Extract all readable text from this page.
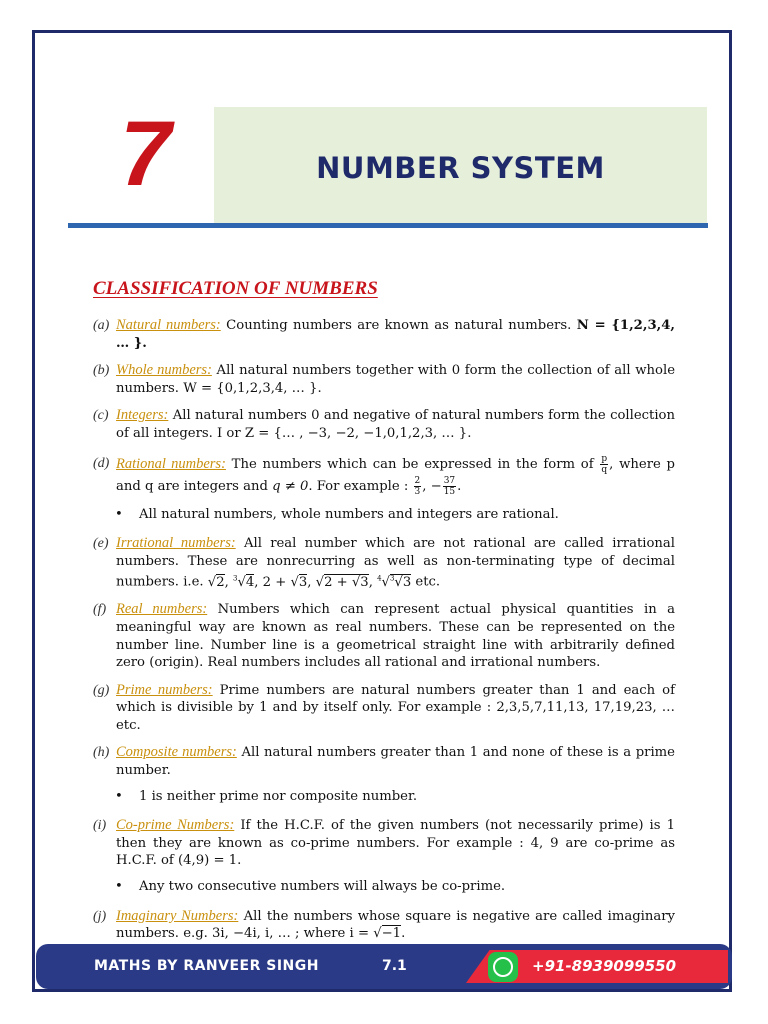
7	NUMBER SYSTEM
CLASSIFICATION OF NUMBERS
(a) Natural numbers: Counting numbers are known as natural numbers. N = {1,2,3,4, … }.
(b) Whole numbers: All natural numbers together with 0 form the collection of all whole numbers. W = {0,1,2,3,4, … }.
(c) Integers: All natural numbers 0 and negative of natural numbers form the collection of all integers. I or Z = {… , −3, −2, −1,0,1,2,3, … }.
(d) Rational numbers: The numbers which can be expressed in the form of $\frac{p}{q}$ , where p and q are integers and q ≠ 0. For example : $\frac{2}{3}$ , − $\frac{37}{15}$ .
• All natural numbers, whole numbers and integers are rational.
(e) Irrational numbers: All real number which are not rational are called irrational numbers. These are nonrecurring as well as non-terminating type of decimal numbers. i.e. √2, $^3$√4, 2 + √3, √2 + √3, $^4$√$^3$√3 etc.
(f) Real numbers: Numbers which can represent actual physical quantities in a meaningful way are known as real numbers. These can be represented on the number line. Number line is a geometrical straight line with arbitrarily defined zero (origin). Real numbers includes all rational and irrational numbers.
(g) Prime numbers: Prime numbers are natural numbers greater than 1 and each of which is divisible by 1 and by itself only. For example : 2,3,5,7,11,13, 17,19,23, … etc.
(h) Composite numbers: All natural numbers greater than 1 and none of these is a prime number.
• 1 is neither prime nor composite number.
(i) Co-prime Numbers: If the H.C.F. of the given numbers (not necessarily prime) is 1 then they are known as co-prime numbers. For example : 4, 9 are co-prime as H.C.F. of (4,9) = 1.
• Any two consecutive numbers will always be co-prime.
(j) Imaginary Numbers: All the numbers whose square is negative are called imaginary numbers. e.g. 3i, −4i, i, … ; where i = √−1.
MATHS BY RANVEER SINGH	7.1	+91-8939099550
